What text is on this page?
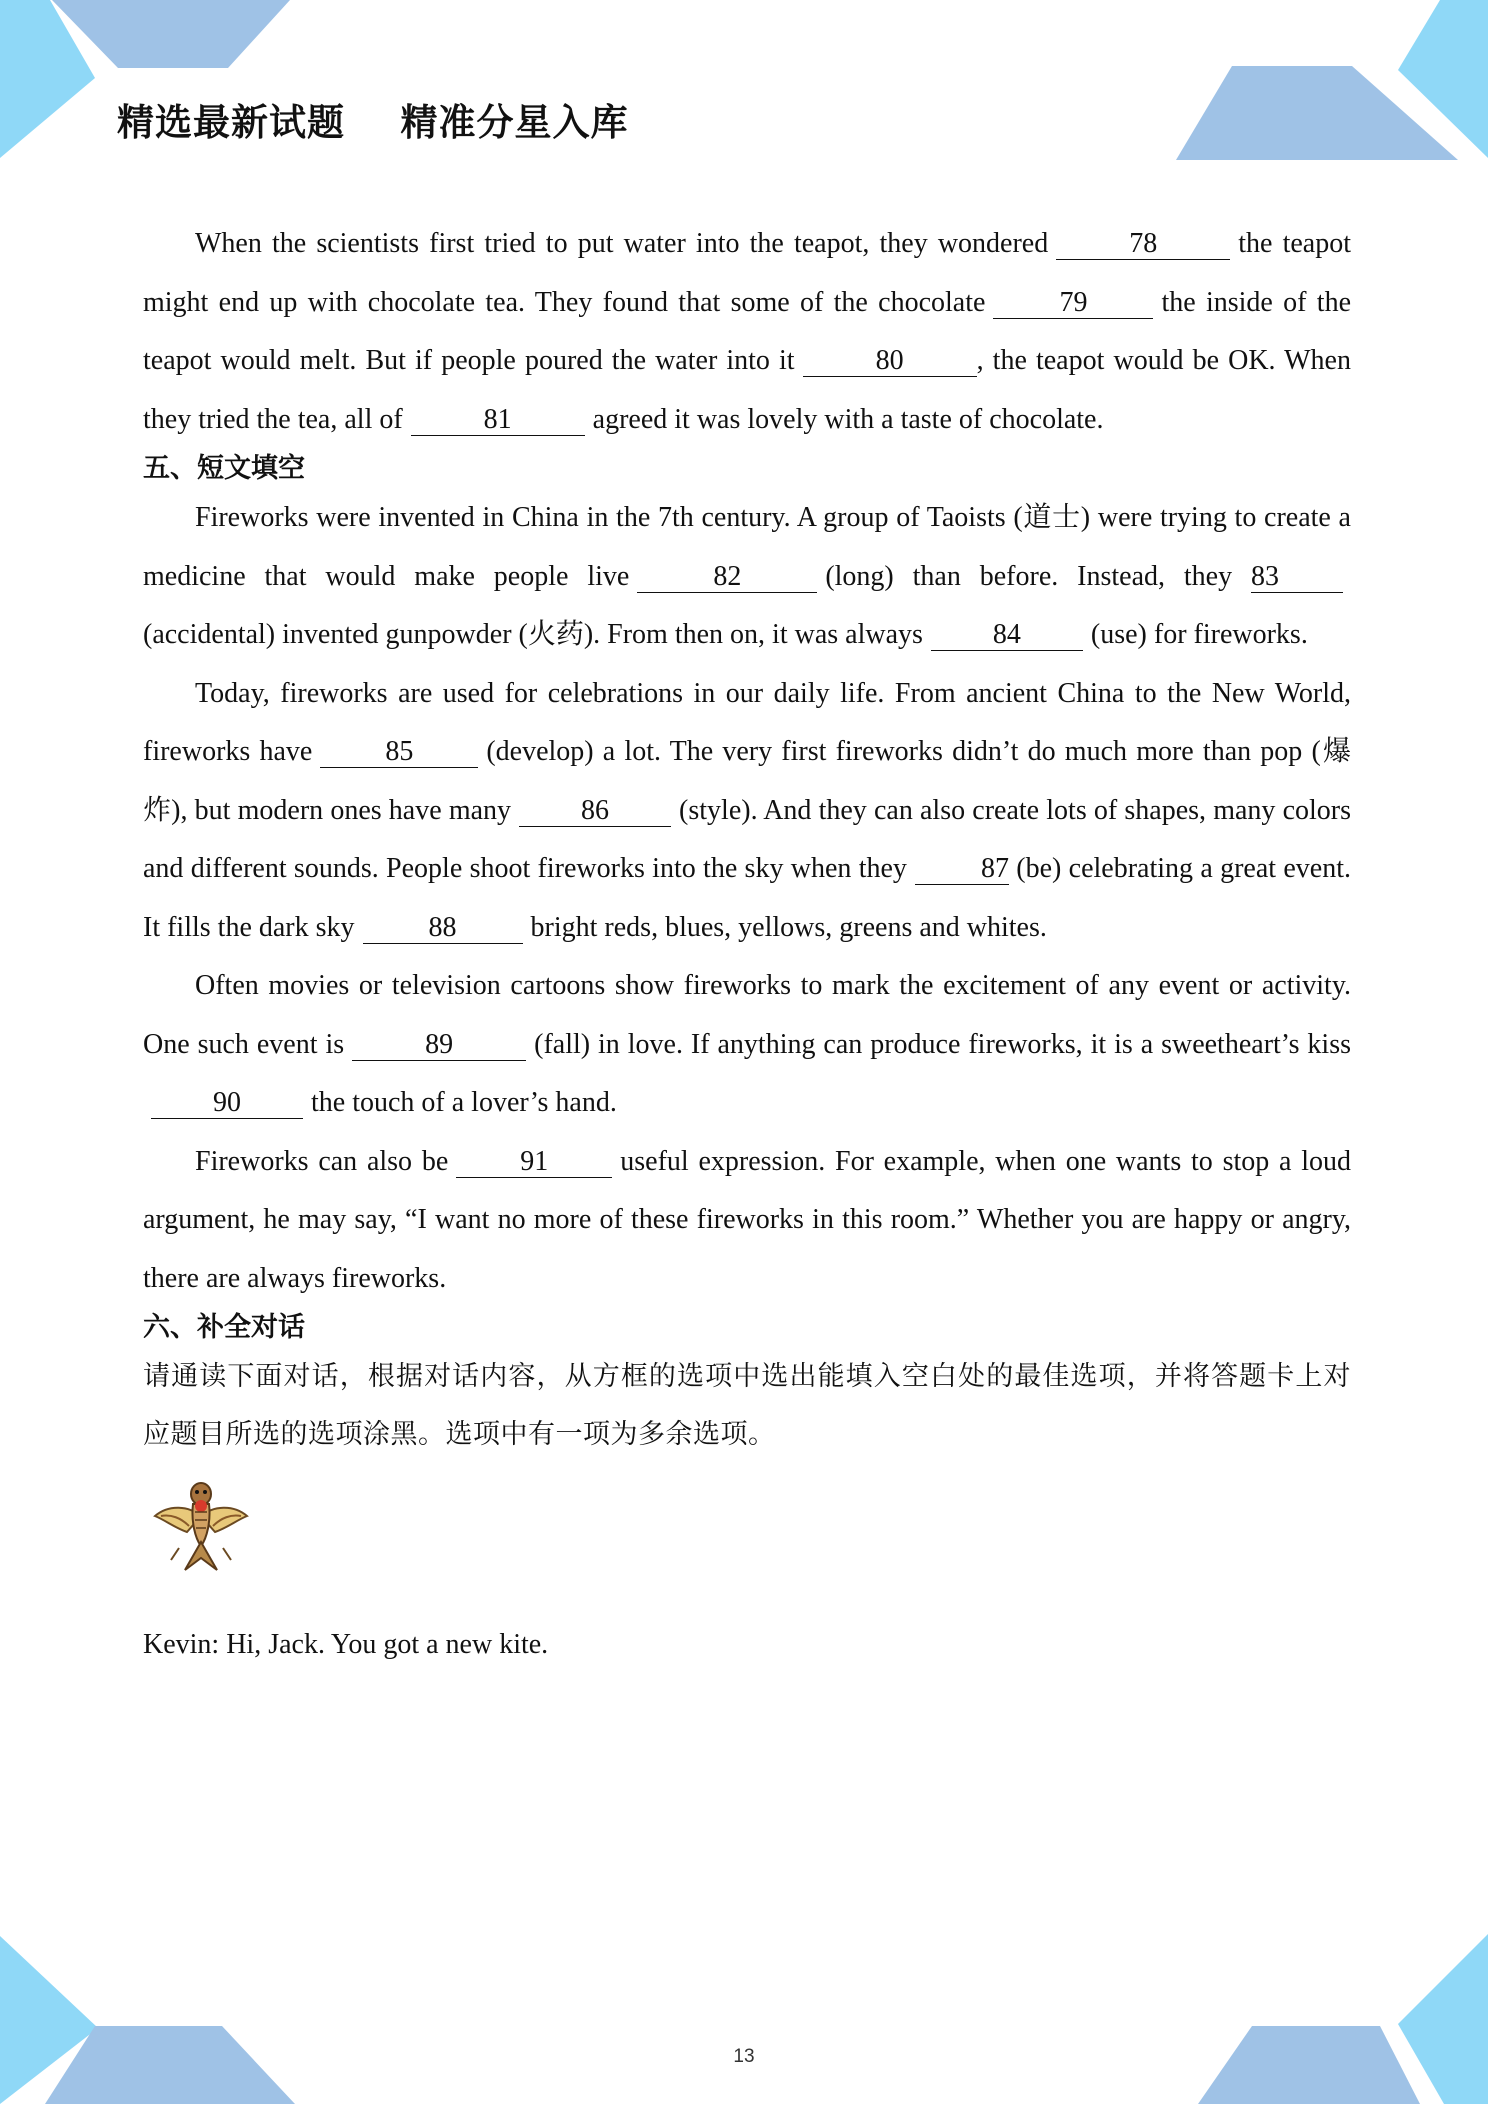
精选最新试题    精准分星入库

When the scientists first tried to put water into the teapot, they wondered	78	the teapot might end up with chocolate tea. They found that some of the chocolate	79	the inside of the teapot would melt. But if people poured the water into it	80	, the teapot would be OK. When they tried the tea, all of	81	agreed it was lovely with a taste of chocolate.

五、短文填空

Fireworks were invented in China in the 7th century. A group of Taoists (道士) were trying to create a medicine that would make people live	82	(long) than before. Instead, they 83(accidental) invented gunpowder (火药). From then on, it was always	84	(use) for fireworks.

Today, fireworks are used for celebrations in our daily life. From ancient China to the New World, fireworks have	85	(develop) a lot. The very first fireworks didn’t do much more than pop (爆炸), but modern ones have many	86	(style). And they can also create lots of shapes, many colors and different sounds. People shoot fireworks into the sky when they	87 (be) celebrating a great event. It fills the dark sky	88	bright reds, blues, yellows, greens and whites.

Often movies or television cartoons show fireworks to mark the excitement of any event or activity. One such event is	89	(fall) in love. If anything can produce fireworks, it is a sweetheart’s kiss90	the touch of a lover’s hand.

Fireworks can also be	91	useful expression. For example, when one wants to stop a loud argument, he may say, “I want no more of these fireworks in this room.” Whether you are happy or angry, there are always fireworks.

六、补全对话

请通读下面对话，根据对话内容，从方框的选项中选出能填入空白处的最佳选项，并将答题卡上对应题目所选的选项涂黑。选项中有一项为多余选项。

Kevin: Hi, Jack. You got a new kite.

13
